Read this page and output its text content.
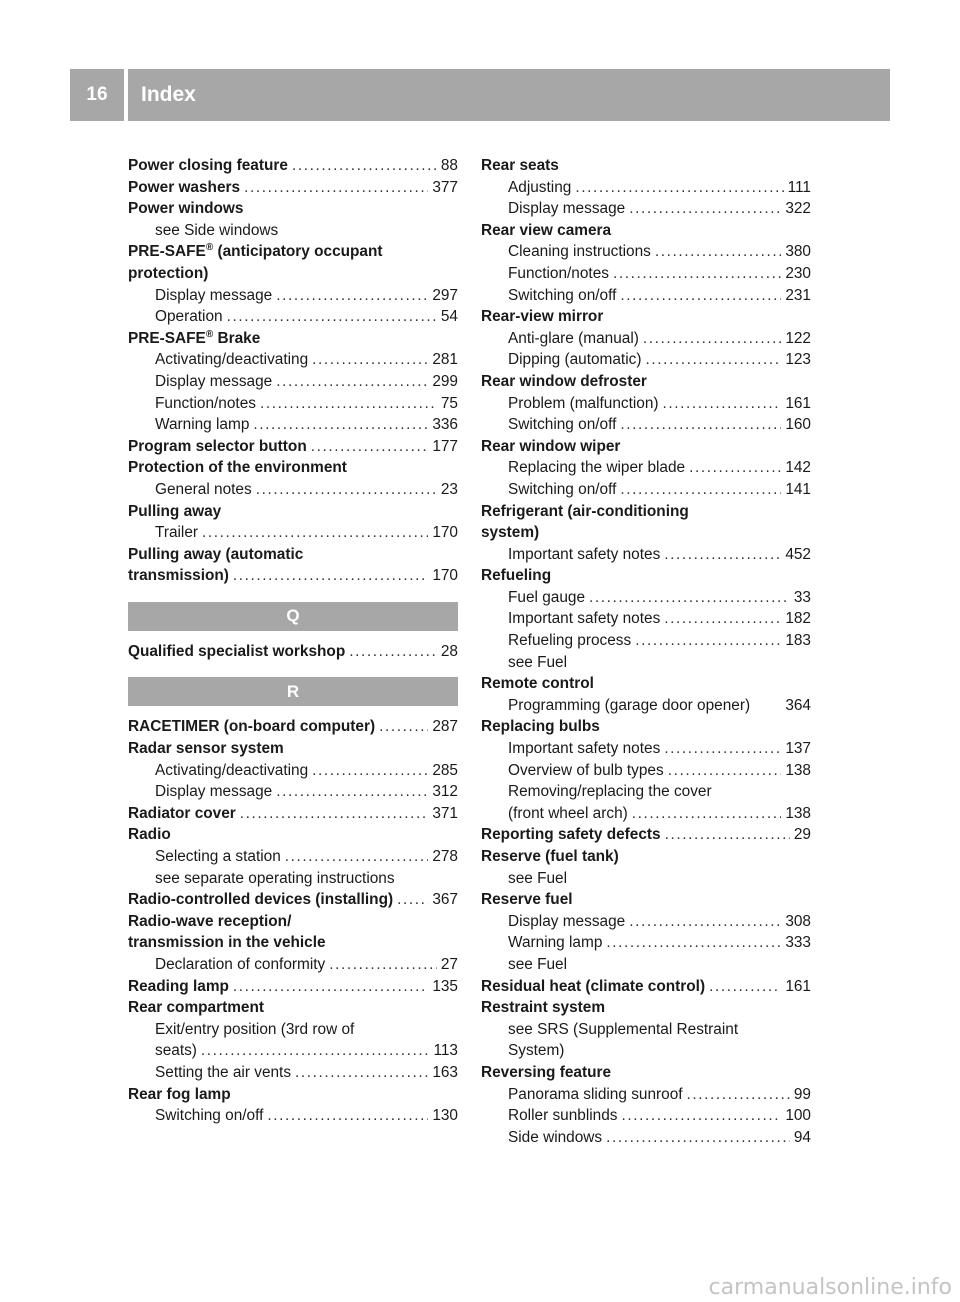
16	Index
Power closing feature .....	88
Power washers .....	377
Power windows
see Side windows
PRE-SAFE® (anticipatory occupant
protection)
Display message .....	297
Operation .....	54
PRE-SAFE® Brake
Activating/deactivating .....	281
Display message .....	299
Function/notes .....	75
Warning lamp .....	336
Program selector button .....	177
Protection of the environment
General notes .....	23
Pulling away
Trailer .....	170
Pulling away (automatic
transmission) .....	170
Q
Qualified specialist workshop .....	28
R
RACETIMER (on-board computer) .....	287
Radar sensor system
Activating/deactivating .....	285
Display message .....	312
Radiator cover .....	371
Radio
Selecting a station .....	278
see separate operating instructions
Radio-controlled devices (installing) .....	367
Radio-wave reception/
transmission in the vehicle
Declaration of conformity .....	27
Reading lamp .....	135
Rear compartment
Exit/entry position (3rd row of
seats) .....	113
Setting the air vents .....	163
Rear fog lamp
Switching on/off .....	130
Rear seats
Adjusting .....	111
Display message .....	322
Rear view camera
Cleaning instructions .....	380
Function/notes .....	230
Switching on/off .....	231
Rear-view mirror
Anti-glare (manual) .....	122
Dipping (automatic) .....	123
Rear window defroster
Problem (malfunction) .....	161
Switching on/off .....	160
Rear window wiper
Replacing the wiper blade .....	142
Switching on/off .....	141
Refrigerant (air-conditioning
system)
Important safety notes .....	452
Refueling
Fuel gauge .....	33
Important safety notes .....	182
Refueling process .....	183
see Fuel
Remote control
Programming (garage door opener) 364
Replacing bulbs
Important safety notes .....	137
Overview of bulb types .....	138
Removing/replacing the cover
(front wheel arch) .....	138
Reporting safety defects .....	29
Reserve (fuel tank)
see Fuel
Reserve fuel
Display message .....	308
Warning lamp .....	333
see Fuel
Residual heat (climate control) .....	161
Restraint system
see SRS (Supplemental Restraint
System)
Reversing feature
Panorama sliding sunroof .....	99
Roller sunblinds .....	100
Side windows .....	94
carmanualsonline.info
